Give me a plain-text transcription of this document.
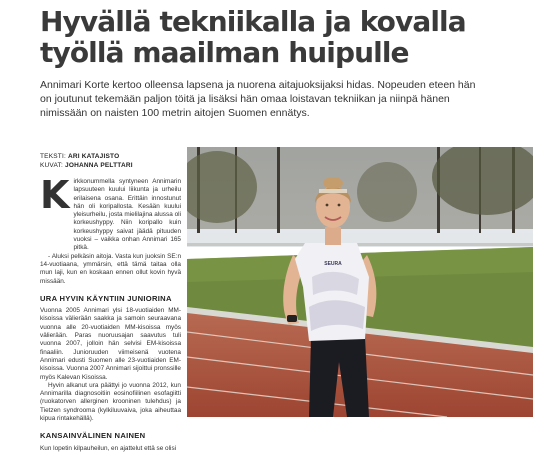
Hyvällä tekniikalla ja kovalla
työllä maailman huipulle

Annimari Korte kertoo olleensa lapsena ja nuorena aitajuoksijaksi hidas. Nopeuden eteen hän on joutunut tekemään paljon töitä ja lisäksi hän omaa loistavan tekniikan ja niinpä hänen nimissään on naisten 100 metrin aitojen Suomen ennätys.

TEKSTI: ARI KATAJISTO
KUVAT: JOHANNA PELTTARI
K irkkonummella syntyneen Annimarin lapsuuteen kuului liikunta ja urheilu erilaisena osana. Erittäin innostunut hän oli koripallosta. Kesään kuului yleisurheilu, josta mielilajina alussa oli korkeushyppy. Niin koripallo kuin korkeushyppy saivat jäädä pituuden vuoksi – vaikka onhan Annimari 165 pitkä.

- Aluksi pelkäsin aitoja. Vasta kun juoksin SE:n 14-vuotiaana, ymmärsin, että tämä taitaa olla mun laji, kun en koskaan ennen ollut kovin hyvä missään.

URA HYVIN KÄYNTIIN JUNIORINA

Vuonna 2005 Annimari ylsi 18-vuotiaiden MM-kisoissa välierään saakka ja samoin seuraavana vuonna alle 20-vuotiaiden MM-kisoissa myös välierään. Paras nuoruusajan saavutus tuli vuonna 2007, jolloin hän selvisi EM-kisoissa finaaliin. Junioruuden viimeisenä vuotena Annimari edusti Suomen alle 23-vuotiaiden EM-kisoissa. Vuonna 2007 Annimari sijoittui pronssille myös Kalevan Kisoissa.

Hyvin alkanut ura päättyi jo vuonna 2012, kun Annimarilla diagnosoitiin eosinofiilinen esofagiitti (ruokatorven allerginen krooninen tulehdus) ja Tietzen syndrooma (kylkiluuvaiva, joka aiheuttaa kipua rintakehällä).

KANSAINVÄLINEN NAINEN

Kun lopetin kilpauheilun, en ajattelut että se olisi

SEURA
